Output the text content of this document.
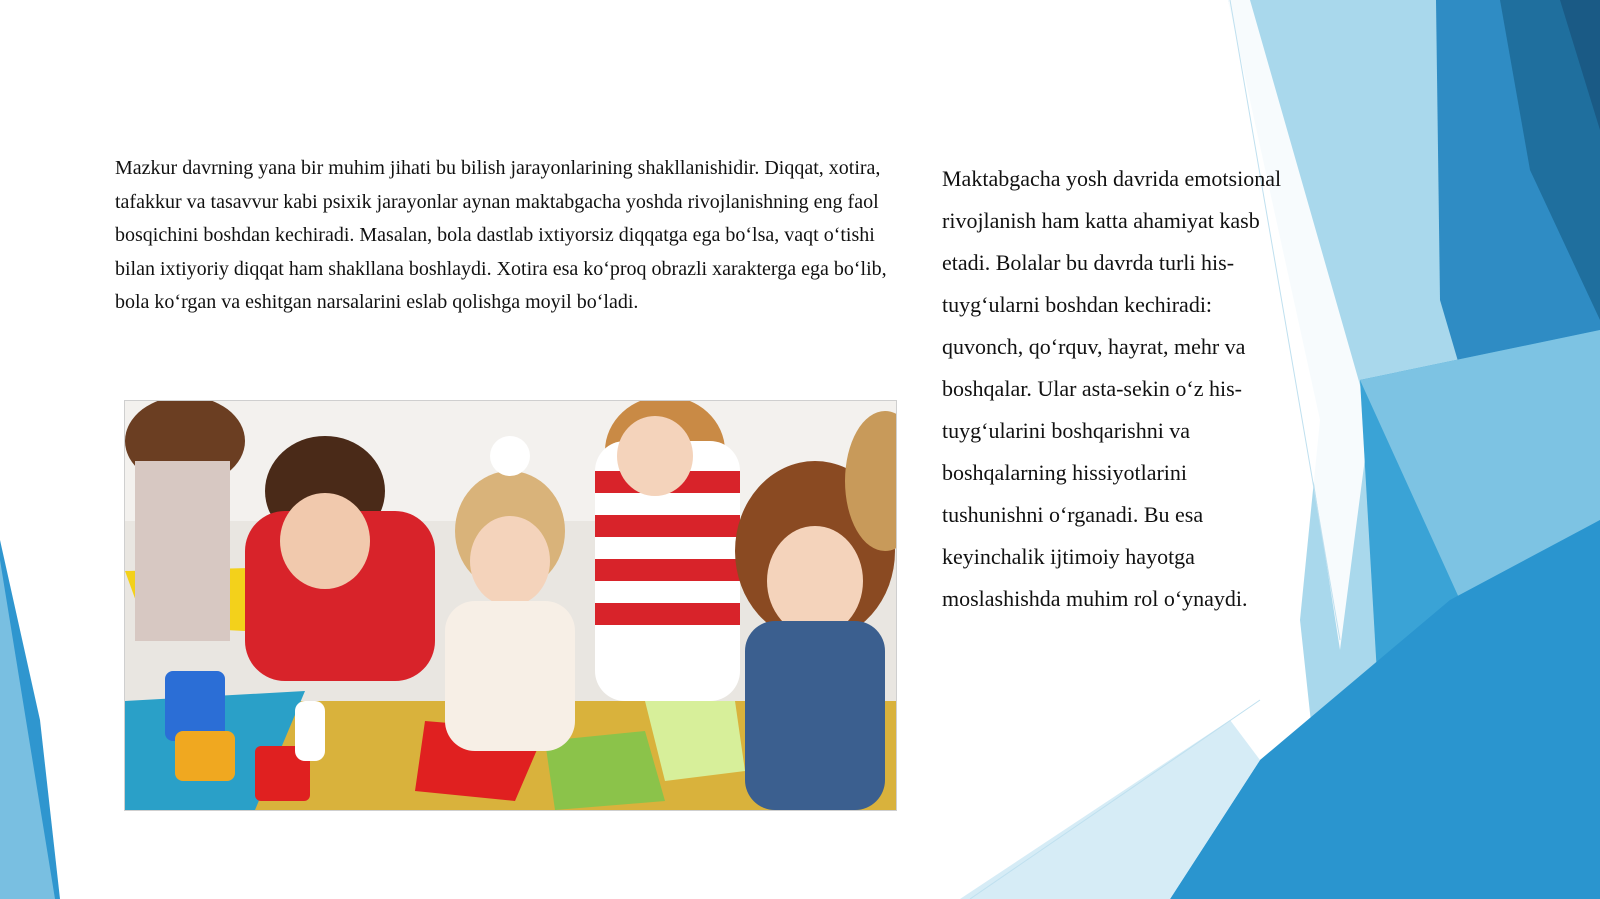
Mazkur davrning yana bir muhim jihati bu bilish jarayonlarining shakllanishidir. Diqqat, xotira, tafakkur va tasavvur kabi psixik jarayonlar aynan maktabgacha yoshda rivojlanishning eng faol bosqichini boshdan kechiradi. Masalan, bola dastlab ixtiyorsiz diqqatga ega bo‘lsa, vaqt o‘tishi bilan ixtiyoriy diqqat ham shakllana boshlaydi. Xotira esa ko‘proq obrazli xarakterga ega bo‘lib, bola ko‘rgan va eshitgan narsalarini eslab qolishga moyil bo‘ladi.

Maktabgacha yosh davrida emotsional rivojlanish ham katta ahamiyat kasb etadi. Bolalar bu davrda turli his-tuyg‘ularni boshdan kechiradi: quvonch, qo‘rquv, hayrat, mehr va boshqalar. Ular asta-sekin o‘z his-tuyg‘ularini boshqarishni va boshqalarning hissiyotlarini tushunishni o‘rganadi. Bu esa keyinchalik ijtimoiy hayotga moslashishda muhim rol o‘ynaydi.
